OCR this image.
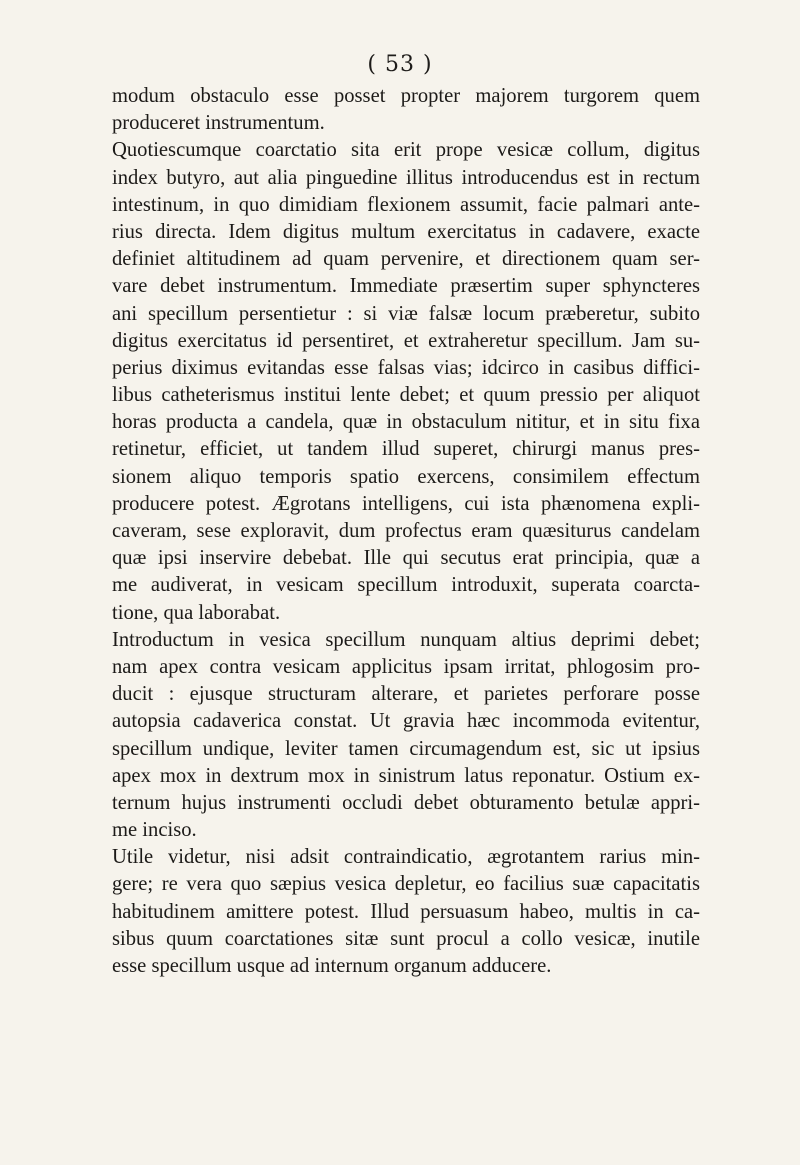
( 53 )
modum obstaculo esse posset propter majorem turgorem quem
produceret instrumentum.
Quotiescumque coarctatio sita erit prope vesicæ collum, digitus
index butyro, aut alia pinguedine illitus introducendus est in rectum
intestinum, in quo dimidiam flexionem assumit, facie palmari ante-
rius directa. Idem digitus multum exercitatus in cadavere, exacte
definiet altitudinem ad quam pervenire, et directionem quam ser-
vare debet instrumentum. Immediate præsertim super sphyncteres
ani specillum persentietur : si viæ falsæ locum præberetur, subito
digitus exercitatus id persentiret, et extraheretur specillum. Jam su-
perius diximus evitandas esse falsas vias; idcirco in casibus diffici-
libus catheterismus institui lente debet; et quum pressio per aliquot
horas producta a candela, quæ in obstaculum nititur, et in situ fixa
retinetur, efficiet, ut tandem illud superet, chirurgi manus pres-
sionem aliquo temporis spatio exercens, consimilem effectum
producere potest. Ægrotans intelligens, cui ista phænomena expli-
caveram, sese exploravit, dum profectus eram quæsiturus candelam
quæ ipsi inservire debebat. Ille qui secutus erat principia, quæ a
me audiverat, in vesicam specillum introduxit, superata coarcta-
tione, qua laborabat.
Introductum in vesica specillum nunquam altius deprimi debet;
nam apex contra vesicam applicitus ipsam irritat, phlogosim pro-
ducit : ejusque structuram alterare, et parietes perforare posse
autopsia cadaverica constat. Ut gravia hæc incommoda evitentur,
specillum undique, leviter tamen circumagendum est, sic ut ipsius
apex mox in dextrum mox in sinistrum latus reponatur. Ostium ex-
ternum hujus instrumenti occludi debet obturamento betulæ appri-
me inciso.
Utile videtur, nisi adsit contraindicatio, ægrotantem rarius min-
gere; re vera quo sæpius vesica depletur, eo facilius suæ capacitatis
habitudinem amittere potest. Illud persuasum habeo, multis in ca-
sibus quum coarctationes sitæ sunt procul a collo vesicæ, inutile
esse specillum usque ad internum organum adducere.
